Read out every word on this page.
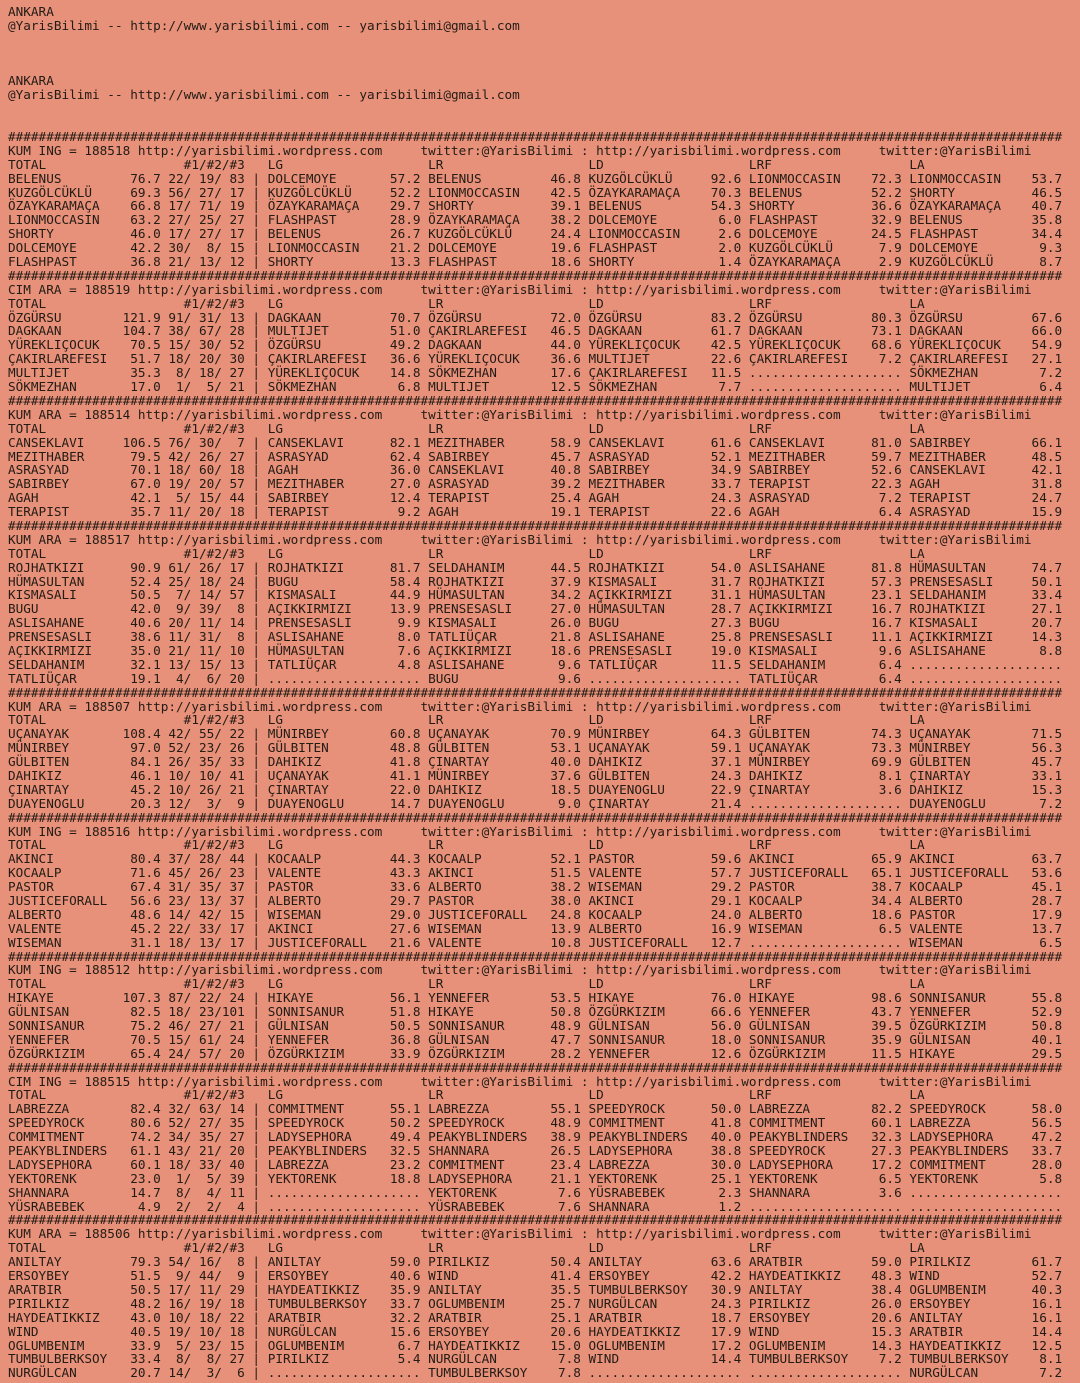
ANKARA
@YarisBilimi -- http://www.yarisbilimi.com -- yarisbilimi@gmail.com
ANKARA
@YarisBilimi -- http://www.yarisbilimi.com -- yarisbilimi@gmail.com
##########################################################################################################################################
KUM ING = 188518 http://yarisbilimi.wordpress.com     twitter:@YarisBilimi : http://yarisbilimi.wordpress.com     twitter:@YarisBilimi
TOTAL                  #1/#2/#3   LG                   LR                   LD                   LRF                  LA
BELENUS         76.7 22/ 19/ 83 | DOLCEMOYE       57.2 BELENUS         46.8 KUZGÖLCÜKLÜ     92.6 LIONMOCCASIN    72.3 LIONMOCCASIN    53.7
KUZGÖLCÜKLÜ     69.3 56/ 27/ 17 | KUZGÖLCÜKLÜ     52.2 LIONMOCCASIN    42.5 ÖZAYKARAMAÇA    70.3 BELENUS         52.2 SHORTY          46.5
ÖZAYKARAMAÇA    66.8 17/ 71/ 19 | ÖZAYKARAMAÇA    29.7 SHORTY          39.1 BELENUS         54.3 SHORTY          36.6 ÖZAYKARAMAÇA    40.7
LIONMOCCASIN    63.2 27/ 25/ 27 | FLASHPAST       28.9 ÖZAYKARAMAÇA    38.2 DOLCEMOYE        6.0 FLASHPAST       32.9 BELENUS         35.8
SHORTY          46.0 17/ 27/ 17 | BELENUS         26.7 KUZGÖLCÜKLÜ     24.4 LIONMOCCASIN     2.6 DOLCEMOYE       24.5 FLASHPAST       34.4
DOLCEMOYE       42.2 30/  8/ 15 | LIONMOCCASIN    21.2 DOLCEMOYE       19.6 FLASHPAST        2.0 KUZGÖLCÜKLÜ      7.9 DOLCEMOYE        9.3
FLASHPAST       36.8 21/ 13/ 12 | SHORTY          13.3 FLASHPAST       18.6 SHORTY           1.4 ÖZAYKARAMAÇA     2.9 KUZGÖLCÜKLÜ      8.7
##########################################################################################################################################
CIM ARA = 188519 http://yarisbilimi.wordpress.com     twitter:@YarisBilimi : http://yarisbilimi.wordpress.com     twitter:@YarisBilimi
TOTAL                  #1/#2/#3   LG                   LR                   LD                   LRF                  LA
ÖZGÜRSU        121.9 91/ 31/ 13 | DAGKAAN         70.7 ÖZGÜRSU         72.0 ÖZGÜRSU         83.2 ÖZGÜRSU         80.3 ÖZGÜRSU         67.6
DAGKAAN        104.7 38/ 67/ 28 | MULTIJET        51.0 ÇAKIRLAREFESI   46.5 DAGKAAN         61.7 DAGKAAN         73.1 DAGKAAN         66.0
YÜREKLIÇOCUK    70.5 15/ 30/ 52 | ÖZGÜRSU         49.2 DAGKAAN         44.0 YÜREKLIÇOCUK    42.5 YÜREKLIÇOCUK    68.6 YÜREKLIÇOCUK    54.9
ÇAKIRLAREFESI   51.7 18/ 20/ 30 | ÇAKIRLAREFESI   36.6 YÜREKLIÇOCUK    36.6 MULTIJET        22.6 ÇAKIRLAREFESI    7.2 ÇAKIRLAREFESI   27.1
MULTIJET        35.3  8/ 18/ 27 | YÜREKLIÇOCUK    14.8 SÖKMEZHAN       17.6 ÇAKIRLAREFESI   11.5 .................... SÖKMEZHAN        7.2
SÖKMEZHAN       17.0  1/  5/ 21 | SÖKMEZHAN        6.8 MULTIJET        12.5 SÖKMEZHAN        7.7 .................... MULTIJET         6.4
##########################################################################################################################################
KUM ARA = 188514 http://yarisbilimi.wordpress.com     twitter:@YarisBilimi : http://yarisbilimi.wordpress.com     twitter:@YarisBilimi
TOTAL                  #1/#2/#3   LG                   LR                   LD                   LRF                  LA
CANSEKLAVI     106.5 76/ 30/  7 | CANSEKLAVI      82.1 MEZITHABER      58.9 CANSEKLAVI      61.6 CANSEKLAVI      81.0 SABIRBEY        66.1
MEZITHABER      79.5 42/ 26/ 27 | ASRASYAD        62.4 SABIRBEY        45.7 ASRASYAD        52.1 MEZITHABER      59.7 MEZITHABER      48.5
ASRASYAD        70.1 18/ 60/ 18 | AGAH            36.0 CANSEKLAVI      40.8 SABIRBEY        34.9 SABIRBEY        52.6 CANSEKLAVI      42.1
SABIRBEY        67.0 19/ 20/ 57 | MEZITHABER      27.0 ASRASYAD        39.2 MEZITHABER      33.7 TERAPIST        22.3 AGAH            31.8
AGAH            42.1  5/ 15/ 44 | SABIRBEY        12.4 TERAPIST        25.4 AGAH            24.3 ASRASYAD         7.2 TERAPIST        24.7
TERAPIST        35.7 11/ 20/ 18 | TERAPIST         9.2 AGAH            19.1 TERAPIST        22.6 AGAH             6.4 ASRASYAD        15.9
##########################################################################################################################################
KUM ARA = 188517 http://yarisbilimi.wordpress.com     twitter:@YarisBilimi : http://yarisbilimi.wordpress.com     twitter:@YarisBilimi
TOTAL                  #1/#2/#3   LG                   LR                   LD                   LRF                  LA
ROJHATKIZI      90.9 61/ 26/ 17 | ROJHATKIZI      81.7 SELDAHANIM      44.5 ROJHATKIZI      54.0 ASLISAHANE      81.8 HÜMASULTAN      74.7
HÜMASULTAN      52.4 25/ 18/ 24 | BUGU            58.4 ROJHATKIZI      37.9 KISMASALI       31.7 ROJHATKIZI      57.3 PRENSESASLI     50.1
KISMASALI       50.5  7/ 14/ 57 | KISMASALI       44.9 HÜMASULTAN      34.2 AÇIKKIRMIZI     31.1 HÜMASULTAN      23.1 SELDAHANIM      33.4
BUGU            42.0  9/ 39/  8 | AÇIKKIRMIZI     13.9 PRENSESASLI     27.0 HÜMASULTAN      28.7 AÇIKKIRMIZI     16.7 ROJHATKIZI      27.1
ASLISAHANE      40.6 20/ 11/ 14 | PRENSESASLI      9.9 KISMASALI       26.0 BUGU            27.3 BUGU            16.7 KISMASALI       20.7
PRENSESASLI     38.6 11/ 31/  8 | ASLISAHANE       8.0 TATLIÜÇAR       21.8 ASLISAHANE      25.8 PRENSESASLI     11.1 AÇIKKIRMIZI     14.3
AÇIKKIRMIZI     35.0 21/ 11/ 10 | HÜMASULTAN       7.6 AÇIKKIRMIZI     18.6 PRENSESASLI     19.0 KISMASALI        9.6 ASLISAHANE       8.8
SELDAHANIM      32.1 13/ 15/ 13 | TATLIÜÇAR        4.8 ASLISAHANE       9.6 TATLIÜÇAR       11.5 SELDAHANIM       6.4 ....................
TATLIÜÇAR       19.1  4/  6/ 20 | .................... BUGU             9.6 .................... TATLIÜÇAR        6.4 ....................
##########################################################################################################################################
KUM ARA = 188507 http://yarisbilimi.wordpress.com     twitter:@YarisBilimi : http://yarisbilimi.wordpress.com     twitter:@YarisBilimi
TOTAL                  #1/#2/#3   LG                   LR                   LD                   LRF                  LA
UÇANAYAK       108.4 42/ 55/ 22 | MÜNIRBEY        60.8 UÇANAYAK        70.9 MÜNIRBEY        64.3 GÜLBITEN        74.3 UÇANAYAK        71.5
MÜNIRBEY        97.0 52/ 23/ 26 | GÜLBITEN        48.8 GÜLBITEN        53.1 UÇANAYAK        59.1 UÇANAYAK        73.3 MÜNIRBEY        56.3
GÜLBITEN        84.1 26/ 35/ 33 | DAHIKIZ         41.8 ÇINARTAY        40.0 DAHIKIZ         37.1 MÜNIRBEY        69.9 GÜLBITEN        45.7
DAHIKIZ         46.1 10/ 10/ 41 | UÇANAYAK        41.1 MÜNIRBEY        37.6 GÜLBITEN        24.3 DAHIKIZ          8.1 ÇINARTAY        33.1
ÇINARTAY        45.2 10/ 26/ 21 | ÇINARTAY        22.0 DAHIKIZ         18.5 DUAYENOGLU      22.9 ÇINARTAY         3.6 DAHIKIZ         15.3
DUAYENOGLU      20.3 12/  3/  9 | DUAYENOGLU      14.7 DUAYENOGLU       9.0 ÇINARTAY        21.4 .................... DUAYENOGLU       7.2
##########################################################################################################################################
KUM ING = 188516 http://yarisbilimi.wordpress.com     twitter:@YarisBilimi : http://yarisbilimi.wordpress.com     twitter:@YarisBilimi
TOTAL                  #1/#2/#3   LG                   LR                   LD                   LRF                  LA
AKINCI          80.4 37/ 28/ 44 | KOCAALP         44.3 KOCAALP         52.1 PASTOR          59.6 AKINCI          65.9 AKINCI          63.7
KOCAALP         71.6 45/ 26/ 23 | VALENTE         43.3 AKINCI          51.5 VALENTE         57.7 JUSTICEFORALL   65.1 JUSTICEFORALL   53.6
PASTOR          67.4 31/ 35/ 37 | PASTOR          33.6 ALBERTO         38.2 WISEMAN         29.2 PASTOR          38.7 KOCAALP         45.1
JUSTICEFORALL   56.6 23/ 13/ 37 | ALBERTO         29.7 PASTOR          38.0 AKINCI          29.1 KOCAALP         34.4 ALBERTO         28.7
ALBERTO         48.6 14/ 42/ 15 | WISEMAN         29.0 JUSTICEFORALL   24.8 KOCAALP         24.0 ALBERTO         18.6 PASTOR          17.9
VALENTE         45.2 22/ 33/ 17 | AKINCI          27.6 WISEMAN         13.9 ALBERTO         16.9 WISEMAN          6.5 VALENTE         13.7
WISEMAN         31.1 18/ 13/ 17 | JUSTICEFORALL   21.6 VALENTE         10.8 JUSTICEFORALL   12.7 .................... WISEMAN          6.5
##########################################################################################################################################
KUM ING = 188512 http://yarisbilimi.wordpress.com     twitter:@YarisBilimi : http://yarisbilimi.wordpress.com     twitter:@YarisBilimi
TOTAL                  #1/#2/#3   LG                   LR                   LD                   LRF                  LA
HIKAYE         107.3 87/ 22/ 24 | HIKAYE          56.1 YENNEFER        53.5 HIKAYE          76.0 HIKAYE          98.6 SONNISANUR      55.8
GÜLNISAN        82.5 18/ 23/101 | SONNISANUR      51.8 HIKAYE          50.8 ÖZGÜRKIZIM      66.6 YENNEFER        43.7 YENNEFER        52.9
SONNISANUR      75.2 46/ 27/ 21 | GÜLNISAN        50.5 SONNISANUR      48.9 GÜLNISAN        56.0 GÜLNISAN        39.5 ÖZGÜRKIZIM      50.8
YENNEFER        70.5 15/ 61/ 24 | YENNEFER        36.8 GÜLNISAN        47.7 SONNISANUR      18.0 SONNISANUR      35.9 GÜLNISAN        40.1
ÖZGÜRKIZIM      65.4 24/ 57/ 20 | ÖZGÜRKIZIM      33.9 ÖZGÜRKIZIM      28.2 YENNEFER        12.6 ÖZGÜRKIZIM      11.5 HIKAYE          29.5
##########################################################################################################################################
CIM ING = 188515 http://yarisbilimi.wordpress.com     twitter:@YarisBilimi : http://yarisbilimi.wordpress.com     twitter:@YarisBilimi
TOTAL                  #1/#2/#3   LG                   LR                   LD                   LRF                  LA
LABREZZA        82.4 32/ 63/ 14 | COMMITMENT      55.1 LABREZZA        55.1 SPEEDYROCK      50.0 LABREZZA        82.2 SPEEDYROCK      58.0
SPEEDYROCK      80.6 52/ 27/ 35 | SPEEDYROCK      50.2 SPEEDYROCK      48.9 COMMITMENT      41.8 COMMITMENT      60.1 LABREZZA        56.5
COMMITMENT      74.2 34/ 35/ 27 | LADYSEPHORA     49.4 PEAKYBLINDERS   38.9 PEAKYBLINDERS   40.0 PEAKYBLINDERS   32.3 LADYSEPHORA     47.2
PEAKYBLINDERS   61.1 43/ 21/ 20 | PEAKYBLINDERS   32.5 SHANNARA        26.5 LADYSEPHORA     38.8 SPEEDYROCK      27.3 PEAKYBLINDERS   33.7
LADYSEPHORA     60.1 18/ 33/ 40 | LABREZZA        23.2 COMMITMENT      23.4 LABREZZA        30.0 LADYSEPHORA     17.2 COMMITMENT      28.0
YEKTORENK       23.0  1/  5/ 39 | YEKTORENK       18.8 LADYSEPHORA     21.1 YEKTORENK       25.1 YEKTORENK        6.5 YEKTORENK        5.8
SHANNARA        14.7  8/  4/ 11 | .................... YEKTORENK        7.6 YÜSRABEBEK       2.3 SHANNARA         3.6 ....................
YÜSRABEBEK       4.9  2/  2/  4 | .................... YÜSRABEBEK       7.6 SHANNARA         1.2 .................... ....................
##########################################################################################################################################
KUM ARA = 188506 http://yarisbilimi.wordpress.com     twitter:@YarisBilimi : http://yarisbilimi.wordpress.com     twitter:@YarisBilimi
TOTAL                  #1/#2/#3   LG                   LR                   LD                   LRF                  LA
ANILTAY         79.3 54/ 16/  8 | ANILTAY         59.0 PIRILKIZ        50.4 ANILTAY         63.6 ARATBIR         59.0 PIRILKIZ        61.7
ERSOYBEY        51.5  9/ 44/  9 | ERSOYBEY        40.6 WIND            41.4 ERSOYBEY        42.2 HAYDEATIKKIZ    48.3 WIND            52.7
ARATBIR         50.5 17/ 11/ 29 | HAYDEATIKKIZ    35.9 ANILTAY         35.5 TUMBULBERKSOY   30.9 ANILTAY         38.4 OGLUMBENIM      40.3
PIRILKIZ        48.2 16/ 19/ 18 | TUMBULBERKSOY   33.7 OGLUMBENIM      25.7 NURGÜLCAN       24.3 PIRILKIZ        26.0 ERSOYBEY        16.1
HAYDEATIKKIZ    43.0 10/ 18/ 22 | ARATBIR         32.2 ARATBIR         25.1 ARATBIR         18.7 ERSOYBEY        20.6 ANILTAY         16.1
WIND            40.5 19/ 10/ 18 | NURGÜLCAN       15.6 ERSOYBEY        20.6 HAYDEATIKKIZ    17.9 WIND            15.3 ARATBIR         14.4
OGLUMBENIM      33.9  5/ 23/ 15 | OGLUMBENIM       6.7 HAYDEATIKKIZ    15.0 OGLUMBENIM      17.2 OGLUMBENIM      14.3 HAYDEATIKKIZ    12.5
TUMBULBERKSOY   33.4  8/  8/ 27 | PIRILKIZ         5.4 NURGÜLCAN        7.8 WIND            14.4 TUMBULBERKSOY    7.2 TUMBULBERKSOY    8.1
NURGÜLCAN       20.7 14/  3/  6 | .................... TUMBULBERKSOY    7.8 .................... .................... NURGÜLCAN        7.2
